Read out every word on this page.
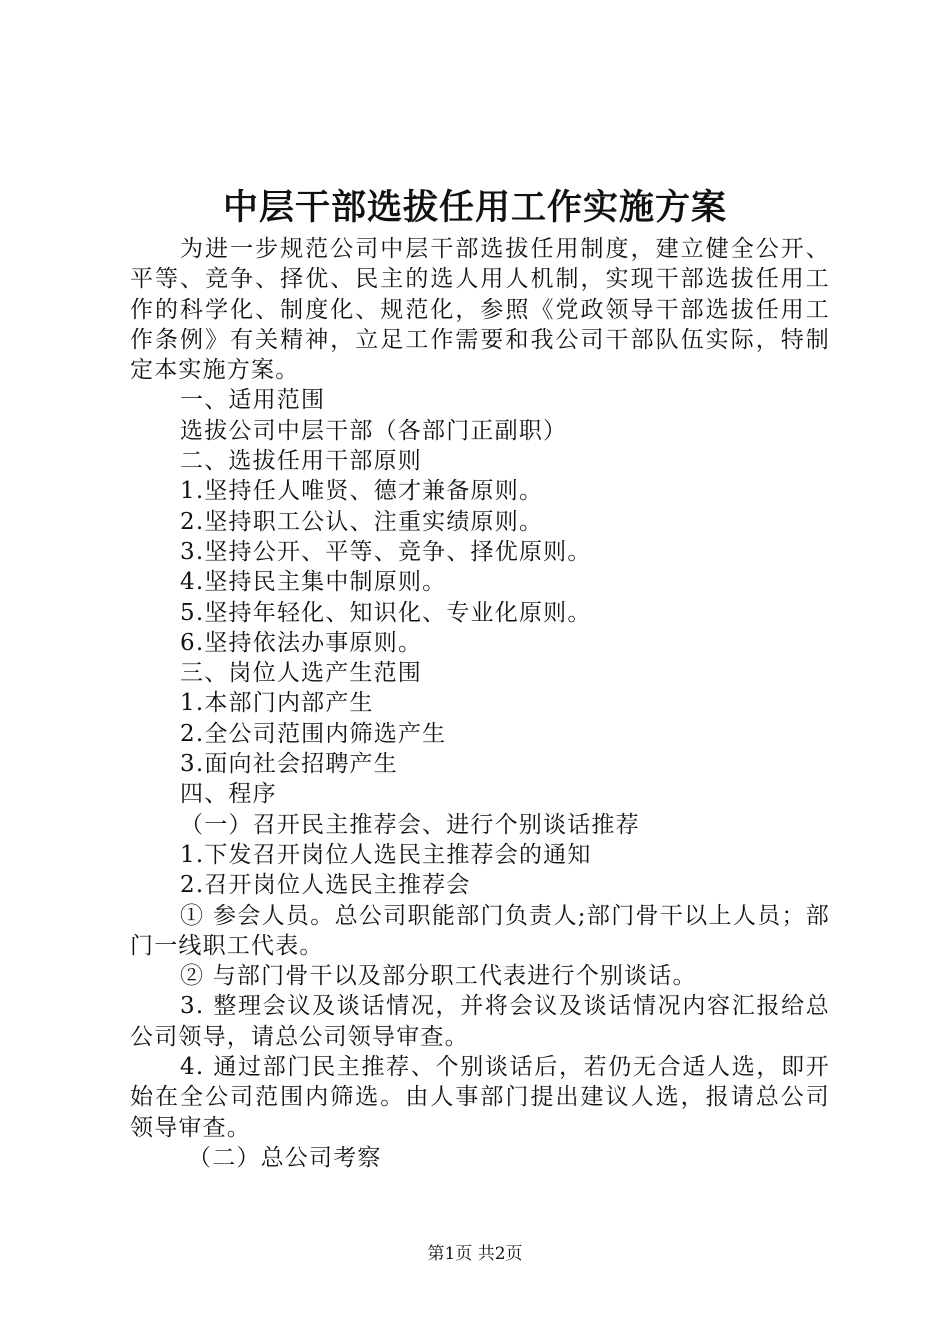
中层干部选拔任用工作实施方案

为进一步规范公司中层干部选拔任用制度，建立健全公开、平等、竞争、择优、民主的选人用人机制，实现干部选拔任用工作的科学化、制度化、规范化，参照《党政领导干部选拔任用工作条例》有关精神，立足工作需要和我公司干部队伍实际，特制定本实施方案。

一、适用范围

选拔公司中层干部（各部门正副职）

二、选拔任用干部原则

1.坚持任人唯贤、德才兼备原则。

2.坚持职工公认、注重实绩原则。

3.坚持公开、平等、竞争、择优原则。

4.坚持民主集中制原则。

5.坚持年轻化、知识化、专业化原则。

6.坚持依法办事原则。

三、岗位人选产生范围

1.本部门内部产生

2.全公司范围内筛选产生

3.面向社会招聘产生

四、程序

（一）召开民主推荐会、进行个别谈话推荐

1.下发召开岗位人选民主推荐会的通知

2.召开岗位人选民主推荐会

① 参会人员。总公司职能部门负责人;部门骨干以上人员；部门一线职工代表。

② 与部门骨干以及部分职工代表进行个别谈话。

3. 整理会议及谈话情况，并将会议及谈话情况内容汇报给总公司领导，请总公司领导审查。

4. 通过部门民主推荐、个别谈话后，若仍无合适人选，即开始在全公司范围内筛选。由人事部门提出建议人选，报请总公司领导审查。

（二）总公司考察

第1页 共2页
